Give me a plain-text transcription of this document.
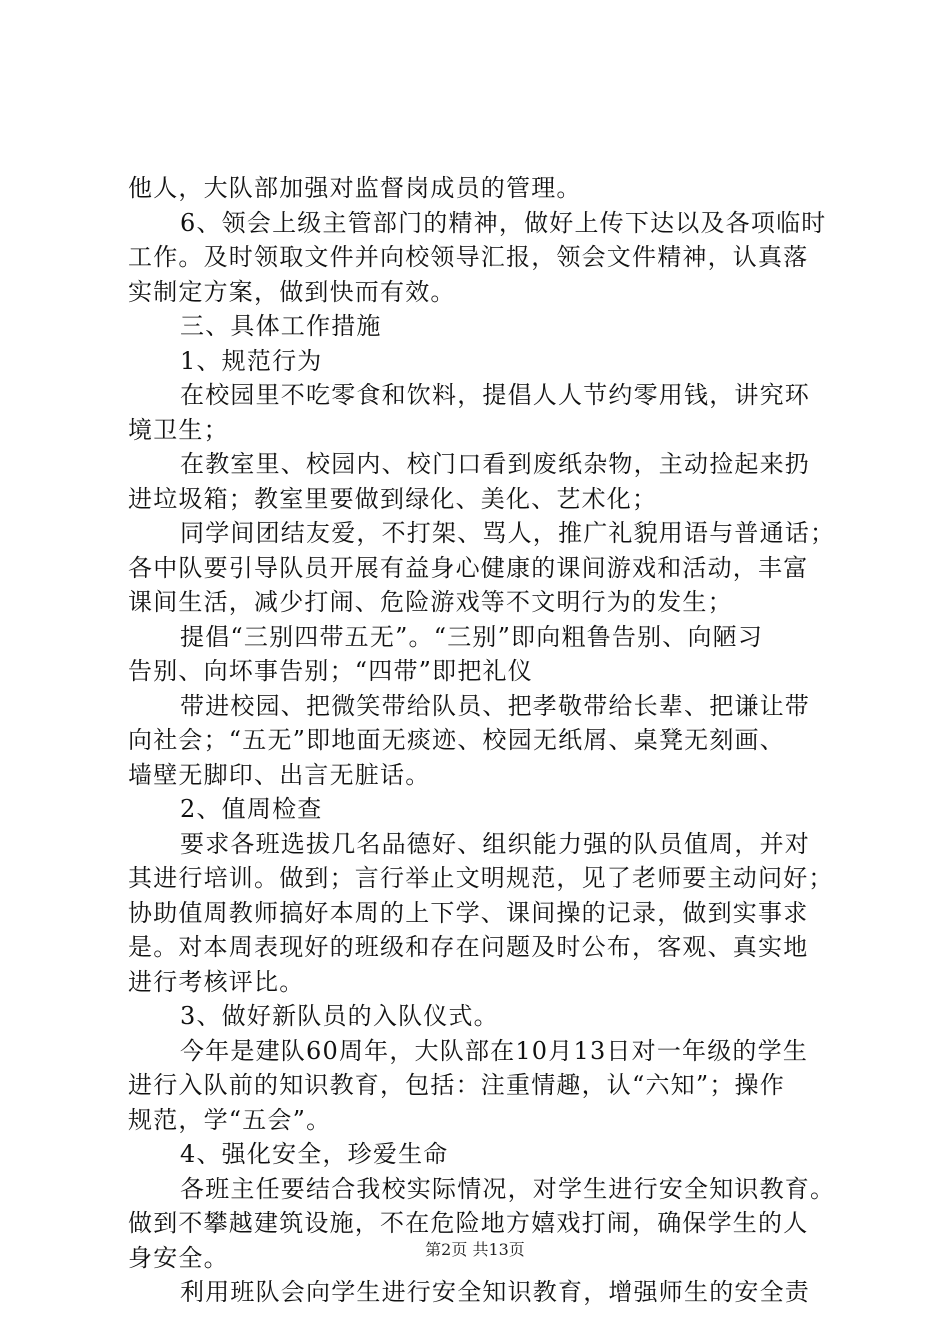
他人，大队部加强对监督岗成员的管理。
6、领会上级主管部门的精神，做好上传下达以及各项临时
工作。及时领取文件并向校领导汇报，领会文件精神，认真落
实制定方案，做到快而有效。
三、具体工作措施
1、规范行为
在校园里不吃零食和饮料，提倡人人节约零用钱，讲究环
境卫生；
在教室里、校园内、校门口看到废纸杂物，主动捡起来扔
进垃圾箱；教室里要做到绿化、美化、艺术化；
同学间团结友爱，不打架、骂人，推广礼貌用语与普通话；
各中队要引导队员开展有益身心健康的课间游戏和活动，丰富
课间生活，减少打闹、危险游戏等不文明行为的发生；
提倡“三别四带五无”。“三别”即向粗鲁告别、向陋习
告别、向坏事告别；“四带”即把礼仪
带进校园、把微笑带给队员、把孝敬带给长辈、把谦让带
向社会；“五无”即地面无痰迹、校园无纸屑、桌凳无刻画、
墙壁无脚印、出言无脏话。
2、值周检查
要求各班选拔几名品德好、组织能力强的队员值周，并对
其进行培训。做到；言行举止文明规范，见了老师要主动问好；
协助值周教师搞好本周的上下学、课间操的记录，做到实事求
是。对本周表现好的班级和存在问题及时公布，客观、真实地
进行考核评比。
3、做好新队员的入队仪式。
今年是建队60周年，大队部在10月13日对一年级的学生
进行入队前的知识教育，包括：注重情趣，认“六知”；操作
规范，学“五会”。
4、强化安全，珍爱生命
各班主任要结合我校实际情况，对学生进行安全知识教育。
做到不攀越建筑设施，不在危险地方嬉戏打闹，确保学生的人
身安全。
利用班队会向学生进行安全知识教育，增强师生的安全责
第2页 共13页
